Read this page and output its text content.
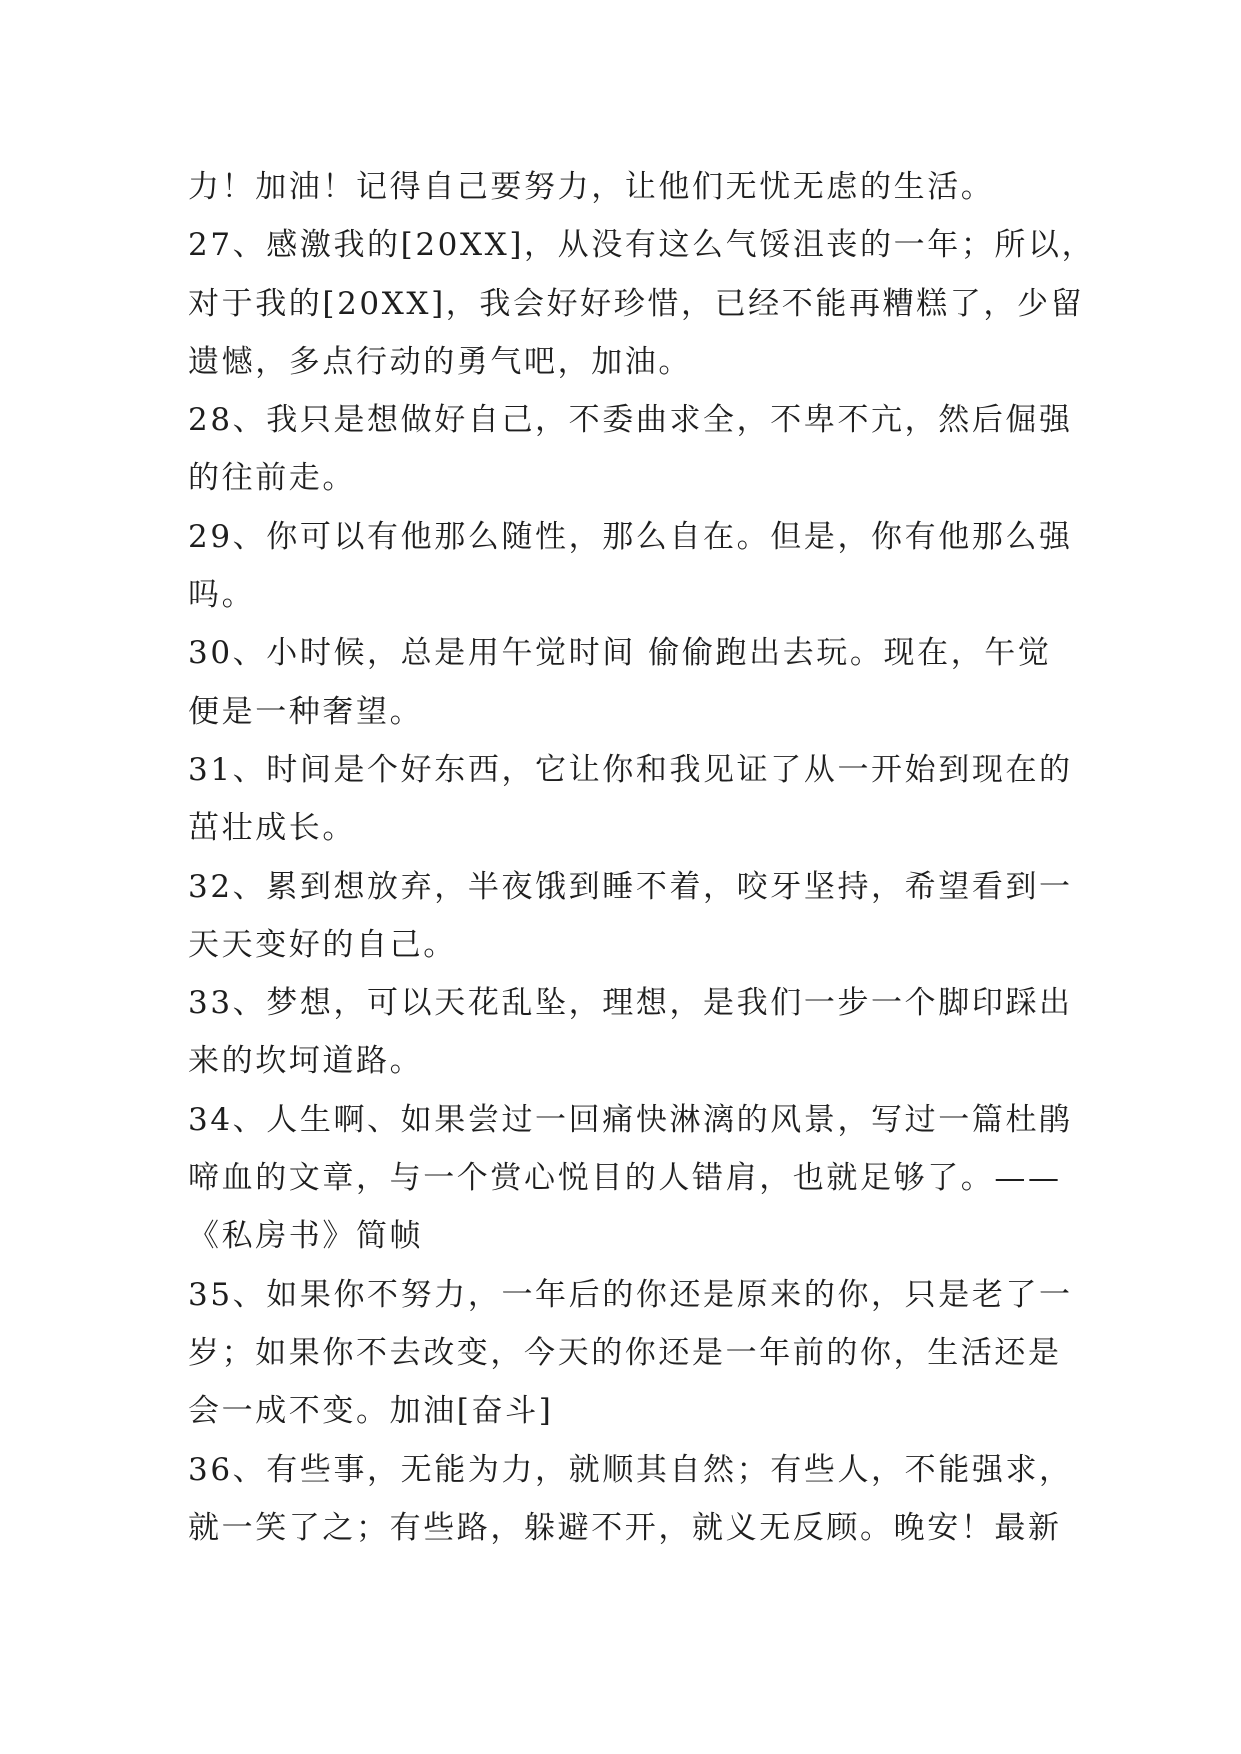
力！加油！记得自己要努力，让他们无忧无虑的生活。
27、感激我的[20XX]，从没有这么气馁沮丧的一年；所以，
对于我的[20XX]，我会好好珍惜，已经不能再糟糕了，少留
遗憾，多点行动的勇气吧，加油。
28、我只是想做好自己，不委曲求全，不卑不亢，然后倔强
的往前走。
29、你可以有他那么随性，那么自在。但是，你有他那么强
吗。
30、小时候，总是用午觉时间 偷偷跑出去玩。现在，午觉
便是一种奢望。
31、时间是个好东西，它让你和我见证了从一开始到现在的
茁壮成长。
32、累到想放弃，半夜饿到睡不着，咬牙坚持，希望看到一
天天变好的自己。
33、梦想，可以天花乱坠，理想，是我们一步一个脚印踩出
来的坎坷道路。
34、人生啊、如果尝过一回痛快淋漓的风景，写过一篇杜鹃
啼血的文章，与一个赏心悦目的人错肩，也就足够了。——
《私房书》简帧
35、如果你不努力，一年后的你还是原来的你，只是老了一
岁；如果你不去改变，今天的你还是一年前的你，生活还是
会一成不变。加油[奋斗]
36、有些事，无能为力，就顺其自然；有些人，不能强求，
就一笑了之；有些路，躲避不开，就义无反顾。晚安！最新
